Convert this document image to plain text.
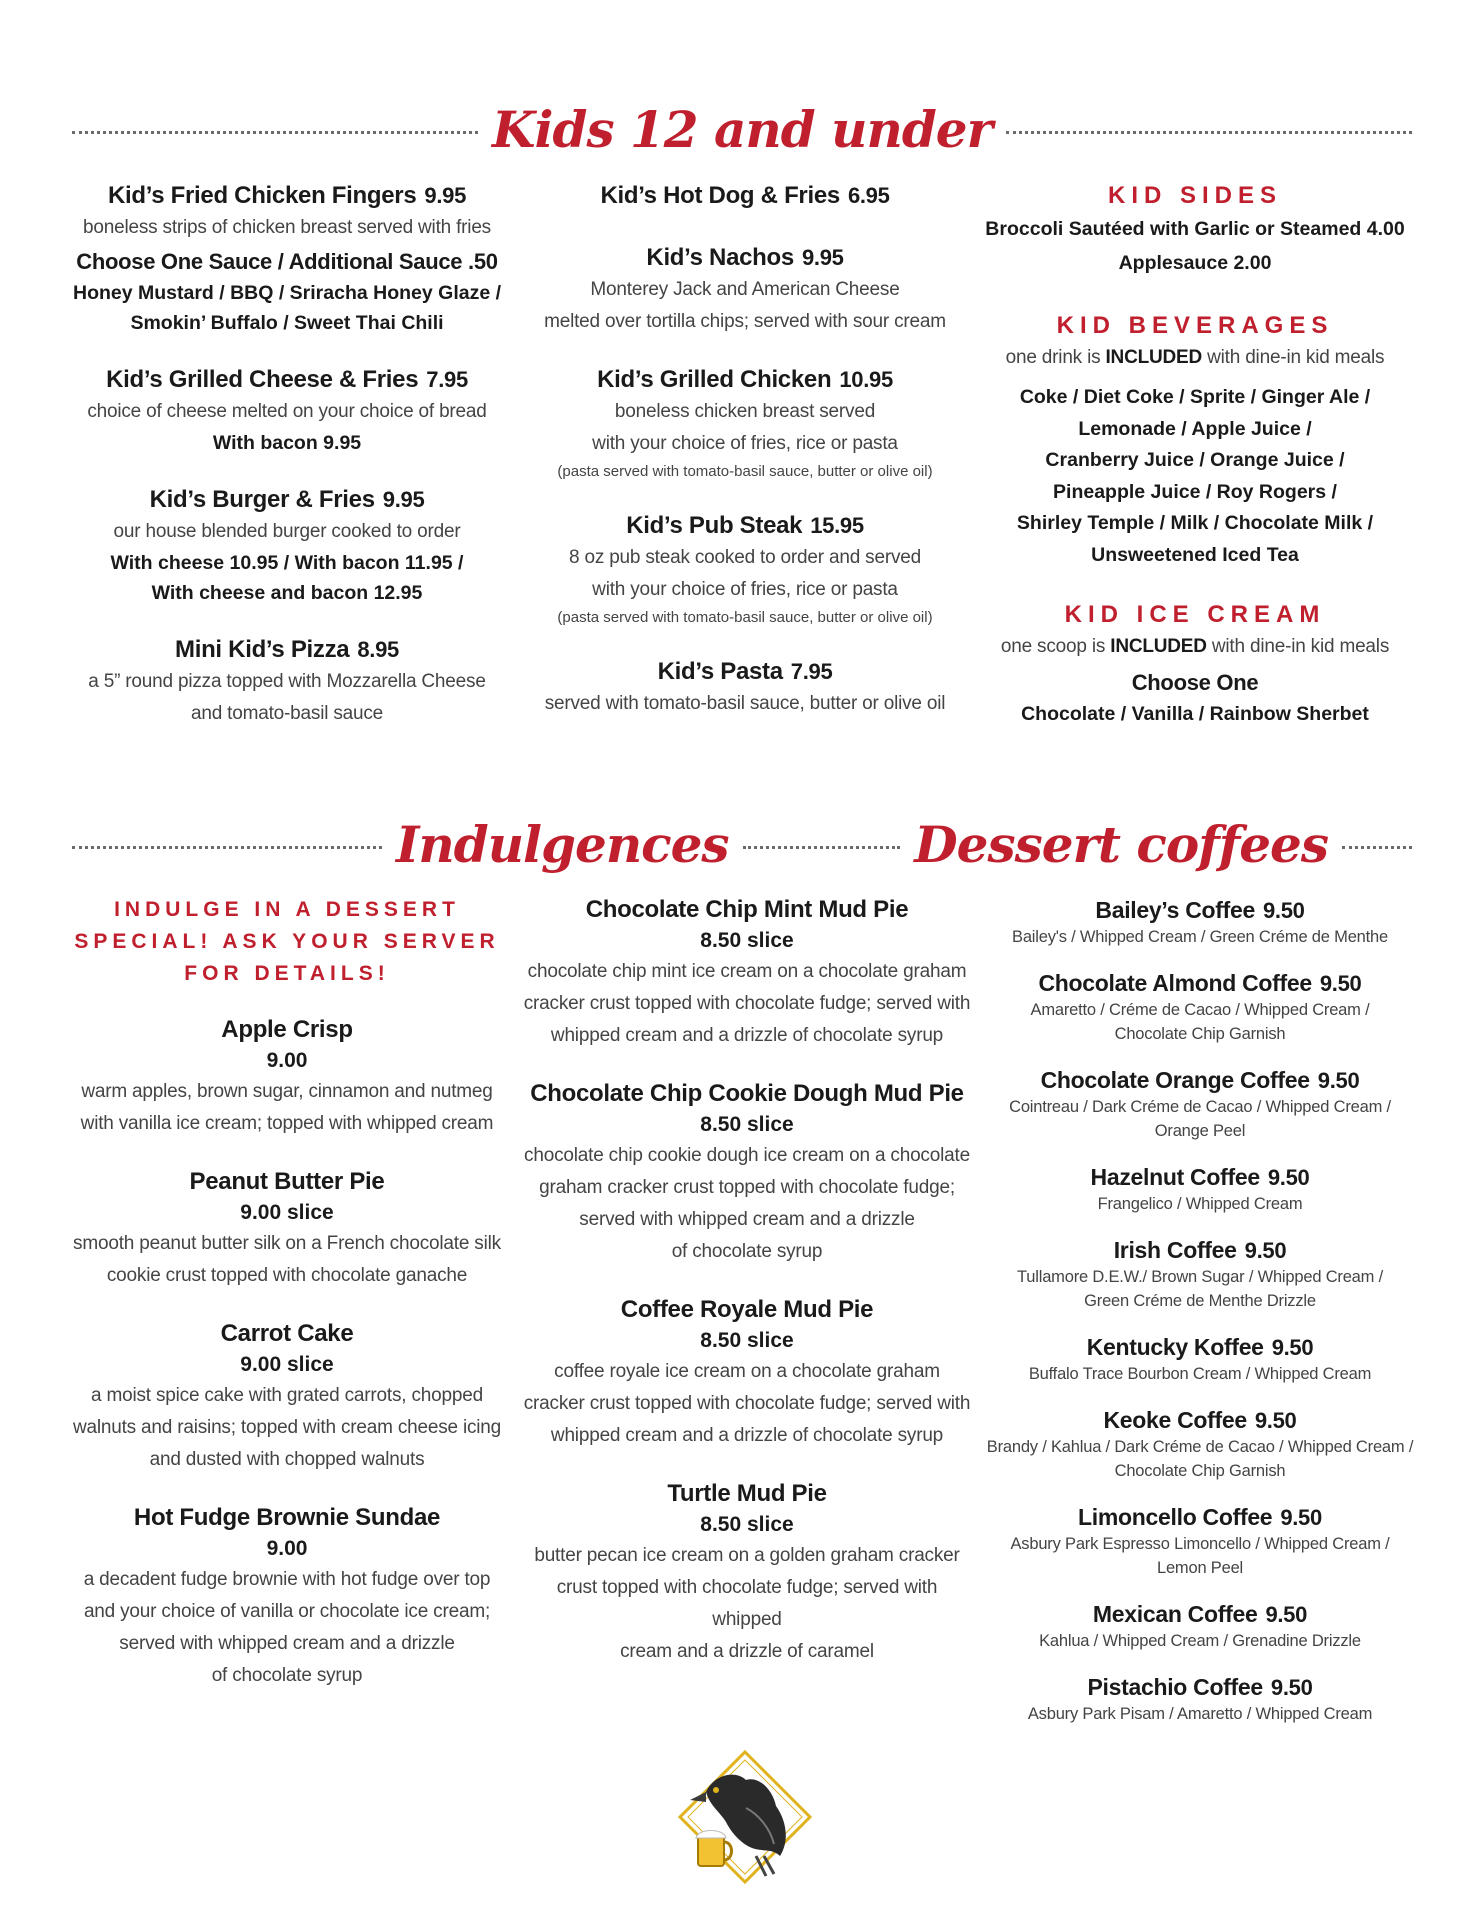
Kids 12 and under
Kid’s Fried Chicken Fingers 9.95
boneless strips of chicken breast served with fries
Choose One Sauce / Additional Sauce .50
Honey Mustard / BBQ / Sriracha Honey Glaze /
Smokin’ Buffalo / Sweet Thai Chili
Kid’s Grilled Cheese & Fries 7.95
choice of cheese melted on your choice of bread
With bacon 9.95
Kid’s Burger & Fries 9.95
our house blended burger cooked to order
With cheese 10.95 / With bacon 11.95 /
With cheese and bacon 12.95
Mini Kid’s Pizza 8.95
a 5” round pizza topped with Mozzarella Cheese
and tomato-basil sauce
Kid’s Hot Dog & Fries 6.95
Kid’s Nachos 9.95
Monterey Jack and American Cheese
melted over tortilla chips; served with sour cream
Kid’s Grilled Chicken 10.95
boneless chicken breast served
with your choice of fries, rice or pasta
(pasta served with tomato-basil sauce, butter or olive oil)
Kid’s Pub Steak 15.95
8 oz pub steak cooked to order and served
with your choice of fries, rice or pasta
(pasta served with tomato-basil sauce, butter or olive oil)
Kid’s Pasta 7.95
served with tomato-basil sauce, butter or olive oil
KID SIDES
Broccoli Sautéed with Garlic or Steamed 4.00
Applesauce 2.00
KID BEVERAGES
one drink is INCLUDED with dine-in kid meals
Coke / Diet Coke / Sprite / Ginger Ale /
Lemonade / Apple Juice /
Cranberry Juice / Orange Juice /
Pineapple Juice / Roy Rogers /
Shirley Temple / Milk / Chocolate Milk /
Unsweetened Iced Tea
KID ICE CREAM
one scoop is INCLUDED with dine-in kid meals
Choose One
Chocolate / Vanilla / Rainbow Sherbet
Indulgences	Dessert coffees
INDULGE IN A DESSERT
SPECIAL! ASK YOUR SERVER
FOR DETAILS!
Apple Crisp
9.00
warm apples, brown sugar, cinnamon and nutmeg
with vanilla ice cream; topped with whipped cream
Peanut Butter Pie
9.00 slice
smooth peanut butter silk on a French chocolate silk
cookie crust topped with chocolate ganache
Carrot Cake
9.00 slice
a moist spice cake with grated carrots, chopped
walnuts and raisins; topped with cream cheese icing
and dusted with chopped walnuts
Hot Fudge Brownie Sundae
9.00
a decadent fudge brownie with hot fudge over top
and your choice of vanilla or chocolate ice cream;
served with whipped cream and a drizzle
of chocolate syrup
Chocolate Chip Mint Mud Pie
8.50 slice
chocolate chip mint ice cream on a chocolate graham
cracker crust topped with chocolate fudge; served with
whipped cream and a drizzle of chocolate syrup
Chocolate Chip Cookie Dough Mud Pie
8.50 slice
chocolate chip cookie dough ice cream on a chocolate
graham cracker crust topped with chocolate fudge;
served with whipped cream and a drizzle
of chocolate syrup
Coffee Royale Mud Pie
8.50 slice
coffee royale ice cream on a chocolate graham
cracker crust topped with chocolate fudge; served with
whipped cream and a drizzle of chocolate syrup
Turtle Mud Pie
8.50 slice
butter pecan ice cream on a golden graham cracker
crust topped with chocolate fudge; served with whipped
cream and a drizzle of caramel
Bailey’s Coffee 9.50
Bailey's / Whipped Cream / Green Créme de Menthe
Chocolate Almond Coffee 9.50
Amaretto / Créme de Cacao / Whipped Cream /
Chocolate Chip Garnish
Chocolate Orange Coffee 9.50
Cointreau / Dark Créme de Cacao / Whipped Cream /
Orange Peel
Hazelnut Coffee 9.50
Frangelico / Whipped Cream
Irish Coffee 9.50
Tullamore D.E.W./ Brown Sugar / Whipped Cream /
Green Créme de Menthe Drizzle
Kentucky Koffee 9.50
Buffalo Trace Bourbon Cream / Whipped Cream
Keoke Coffee 9.50
Brandy / Kahlua / Dark Créme de Cacao / Whipped Cream /
Chocolate Chip Garnish
Limoncello Coffee 9.50
Asbury Park Espresso Limoncello / Whipped Cream /
Lemon Peel
Mexican Coffee 9.50
Kahlua / Whipped Cream / Grenadine Drizzle
Pistachio Coffee 9.50
Asbury Park Pisam / Amaretto / Whipped Cream
